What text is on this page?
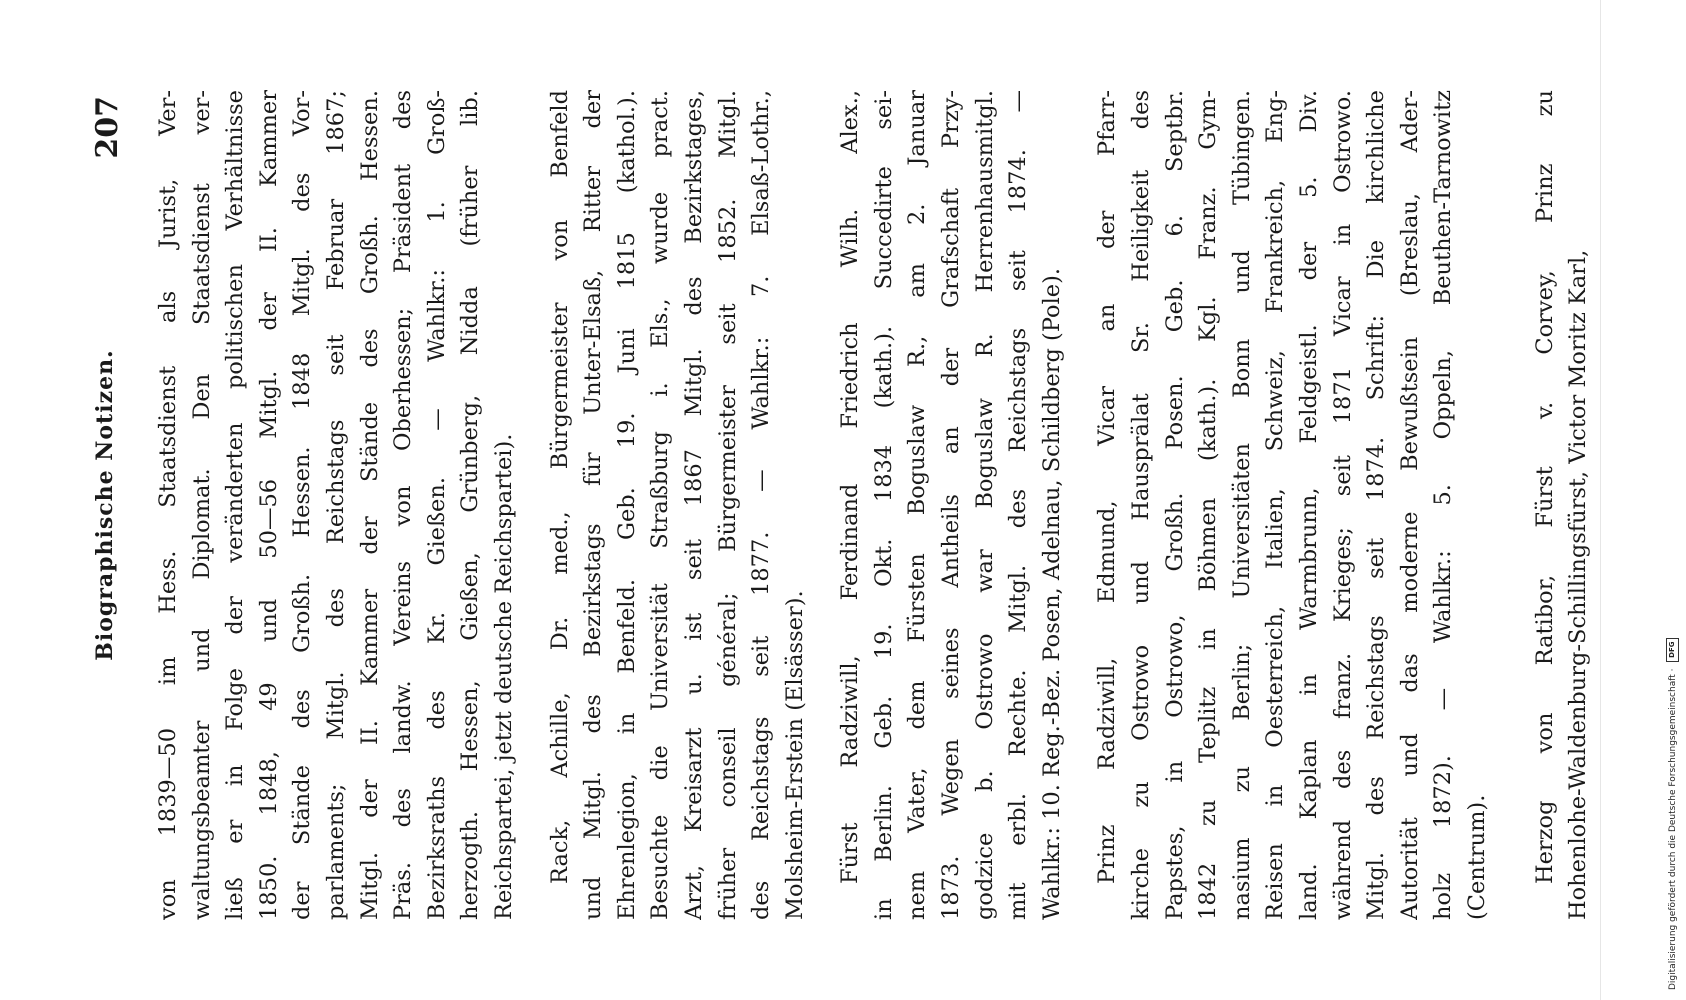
Biographische Notizen.
207 von 1839—50 im Hess. Staatsdienst als Jurist, Ver- waltungsbeamter und Diplomat. Den Staatsdienst ver- ließ er in Folge der veränderten politischen Verhältnisse 1850. 1848, 49 und 50—56 Mitgl. der II. Kammer der Stände des Großh. Hessen. 1848 Mitgl. des Vor- parlaments; Mitgl. des Reichstags seit Februar 1867; Mitgl. der II. Kammer der Stände des Großh. Hessen. Präs. des landw. Vereins von Oberhessen; Präsident des Bezirksraths des Kr. Gießen. — Wahlkr.: 1. Groß- herzogth. Hessen, Gießen, Grünberg, Nidda (früher lib. Reichspartei, jetzt deutsche Reichspartei). Rack, Achille, Dr. med., Bürgermeister von Benfeld und Mitgl. des Bezirkstags für Unter-Elsaß, Ritter der Ehrenlegion, in Benfeld. Geb. 19. Juni 1815 (kathol.). Besuchte die Universität Straßburg i. Els., wurde pract. Arzt, Kreisarzt u. ist seit 1867 Mitgl. des Bezirkstages, früher conseil général; Bürgermeister seit 1852. Mitgl. des Reichstags seit 1877. — Wahlkr.: 7. Elsaß-Lothr., Molsheim-Erstein (Elsässer). Fürst Radziwill, Ferdinand Friedrich Wilh. Alex., in Berlin. Geb. 19. Okt. 1834 (kath.). Succedirte sei- nem Vater, dem Fürsten Boguslaw R., am 2. Januar 1873. Wegen seines Antheils an der Grafschaft Przy- godzice b. Ostrowo war Boguslaw R. Herrenhausmitgl. mit erbl. Rechte. Mitgl. des Reichstags seit 1874. — Wahlkr.: 10. Reg.-Bez. Posen, Adelnau, Schildberg (Pole). Prinz Radziwill, Edmund, Vicar an der Pfarr- kirche zu Ostrowo und Hausprälat Sr. Heiligkeit des Papstes, in Ostrowo, Großh. Posen. Geb. 6. Septbr. 1842 zu Teplitz in Böhmen (kath.). Kgl. Franz. Gym- nasium zu Berlin; Universitäten Bonn und Tübingen. Reisen in Oesterreich, Italien, Schweiz, Frankreich, Eng- land. Kaplan in Warmbrunn, Feldgeistl. der 5. Div. während des franz. Krieges; seit 1871 Vicar in Ostrowo. Mitgl. des Reichstags seit 1874. Schrift: Die kirchliche Autorität und das moderne Bewußtsein (Breslau, Ader- holz 1872). — Wahlkr.: 5. Oppeln, Beuthen-Tarnowitz (Centrum). Herzog von Ratibor, Fürst v. Corvey, Prinz zu Hohenlohe-Waldenburg-Schillingsfürst, Victor Moritz Karl,	Digitalisierung gefördert durch die Deutsche Forschungsgemeinschaft · DFG
